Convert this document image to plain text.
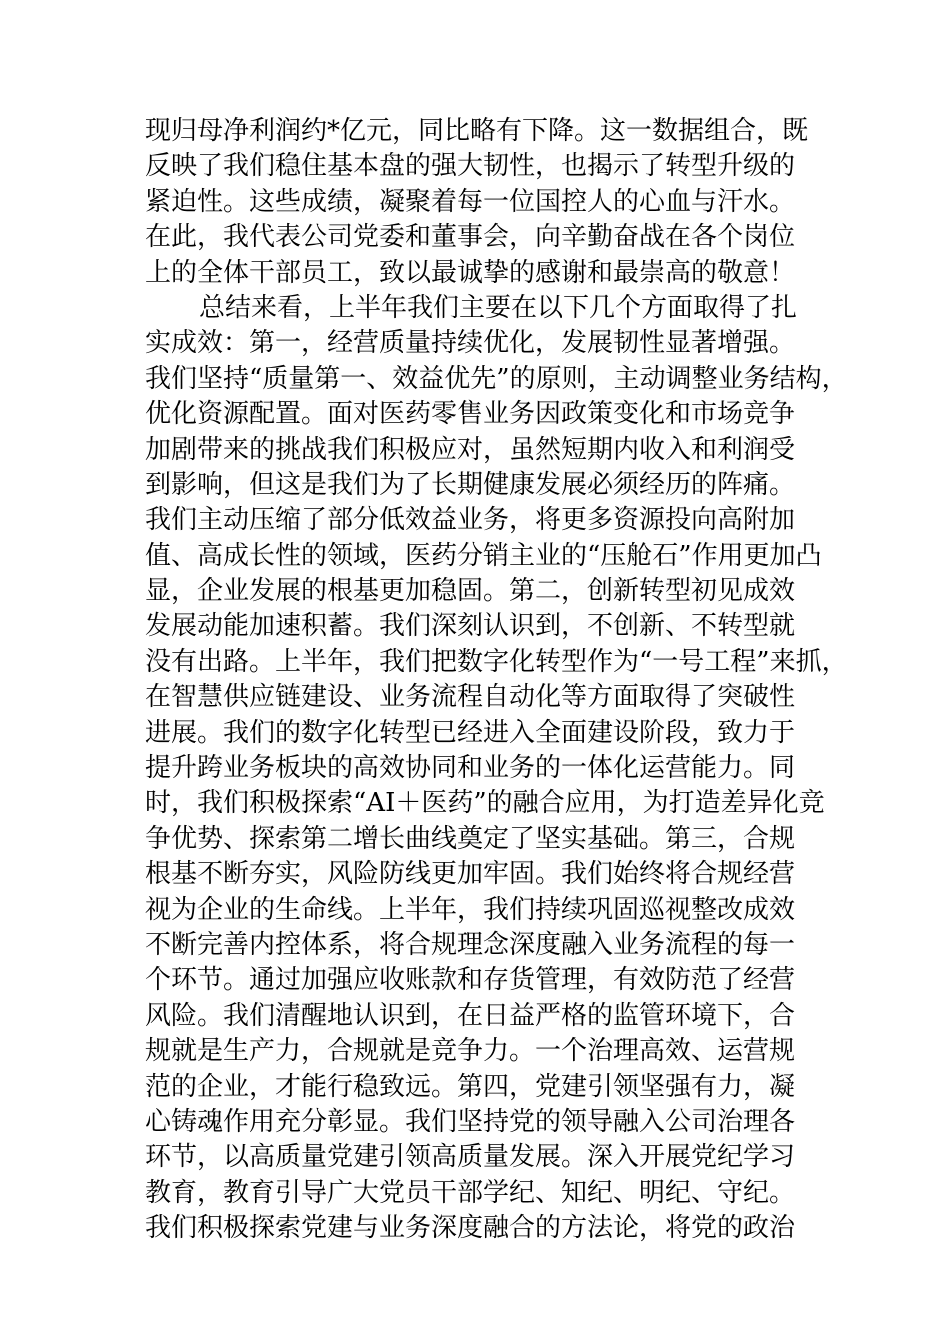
现归母净利润约*亿元，同比略有下降。这一数据组合，既
反映了我们稳住基本盘的强大韧性，也揭示了转型升级的
紧迫性。这些成绩，凝聚着每一位国控人的心血与汗水。
在此，我代表公司党委和董事会，向辛勤奋战在各个岗位
上的全体干部员工，致以最诚挚的感谢和最崇高的敬意！
总结来看，上半年我们主要在以下几个方面取得了扎
实成效：第一，经营质量持续优化，发展韧性显著增强。
我们坚持“质量第一、效益优先”的原则，主动调整业务结构，
优化资源配置。面对医药零售业务因政策变化和市场竞争
加剧带来的挑战我们积极应对，虽然短期内收入和利润受
到影响，但这是我们为了长期健康发展必须经历的阵痛。
我们主动压缩了部分低效益业务，将更多资源投向高附加
值、高成长性的领域，医药分销主业的“压舱石”作用更加凸
显，企业发展的根基更加稳固。第二，创新转型初见成效
发展动能加速积蓄。我们深刻认识到，不创新、不转型就
没有出路。上半年，我们把数字化转型作为“一号工程”来抓，
在智慧供应链建设、业务流程自动化等方面取得了突破性
进展。我们的数字化转型已经进入全面建设阶段，致力于
提升跨业务板块的高效协同和业务的一体化运营能力。同
时，我们积极探索“AI＋医药”的融合应用，为打造差异化竞
争优势、探索第二增长曲线奠定了坚实基础。第三，合规
根基不断夯实，风险防线更加牢固。我们始终将合规经营
视为企业的生命线。上半年，我们持续巩固巡视整改成效
不断完善内控体系，将合规理念深度融入业务流程的每一
个环节。通过加强应收账款和存货管理，有效防范了经营
风险。我们清醒地认识到，在日益严格的监管环境下，合
规就是生产力，合规就是竞争力。一个治理高效、运营规
范的企业，才能行稳致远。第四，党建引领坚强有力，凝
心铸魂作用充分彰显。我们坚持党的领导融入公司治理各
环节，以高质量党建引领高质量发展。深入开展党纪学习
教育，教育引导广大党员干部学纪、知纪、明纪、守纪。
我们积极探索党建与业务深度融合的方法论，将党的政治
